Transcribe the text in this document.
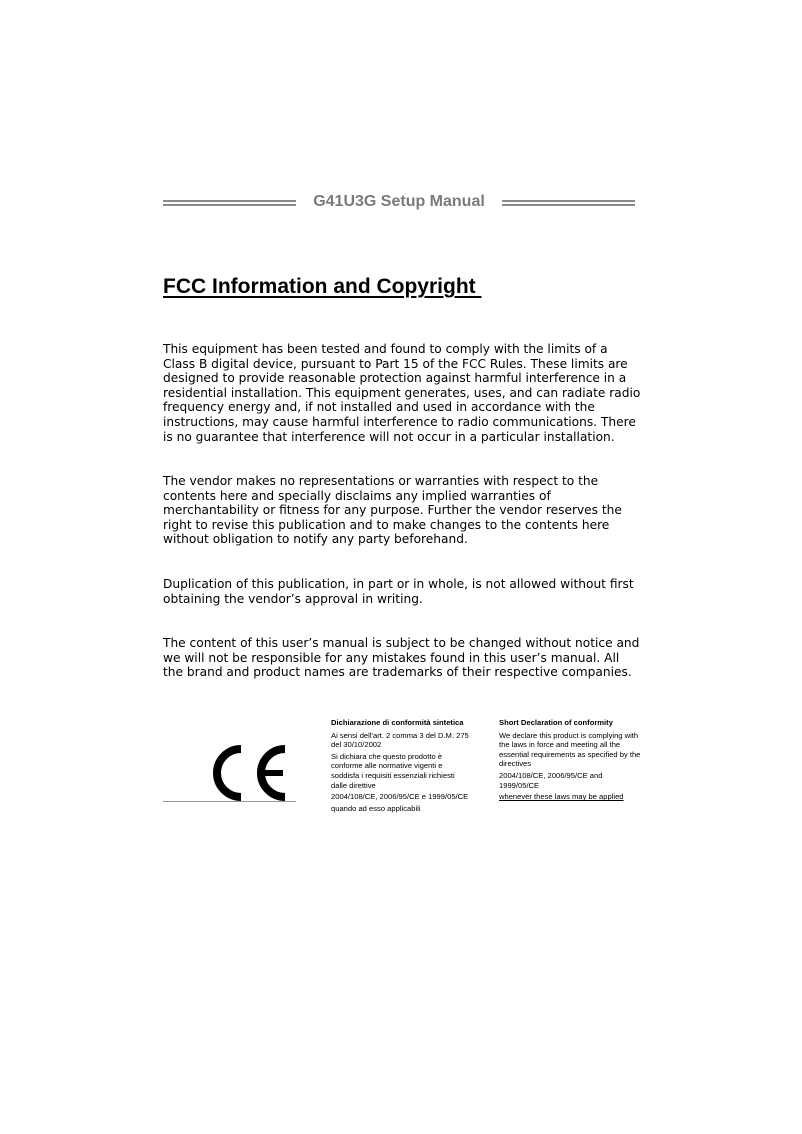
G41U3G Setup Manual
FCC Information and Copyright

This equipment has been tested and found to comply with the limits of a Class B digital device, pursuant to Part 15 of the FCC Rules. These limits are designed to provide reasonable protection against harmful interference in a residential installation. This equipment generates, uses, and can radiate radio frequency energy and, if not installed and used in accordance with the instructions, may cause harmful interference to radio communications. There is no guarantee that interference will not occur in a particular installation.

The vendor makes no representations or warranties with respect to the contents here and specially disclaims any implied warranties of merchantability or fitness for any purpose. Further the vendor reserves the right to revise this publication and to make changes to the contents here without obligation to notify any party beforehand.

Duplication of this publication, in part or in whole, is not allowed without first obtaining the vendor’s approval in writing.

The content of this user’s manual is subject to be changed without notice and we will not be responsible for any mistakes found in this user’s manual. All the brand and product names are trademarks of their respective companies.

Dichiarazione di conformità sintetica

Ai sensi dell'art. 2 comma 3 del D.M. 275 del 30/10/2002

Si dichiara che questo prodotto è conforme alle normative vigenti e soddisfa i requisiti essenziali richiesti dalle direttive

2004/108/CE, 2006/95/CE e 1999/05/CE

quando ad esso applicabili

Short Declaration of conformity

We declare this product is complying with the laws in force and meeting all the essential requirements as specified by the directives

2004/108/CE, 2006/95/CE and 1999/05/CE

whenever these laws may be applied
